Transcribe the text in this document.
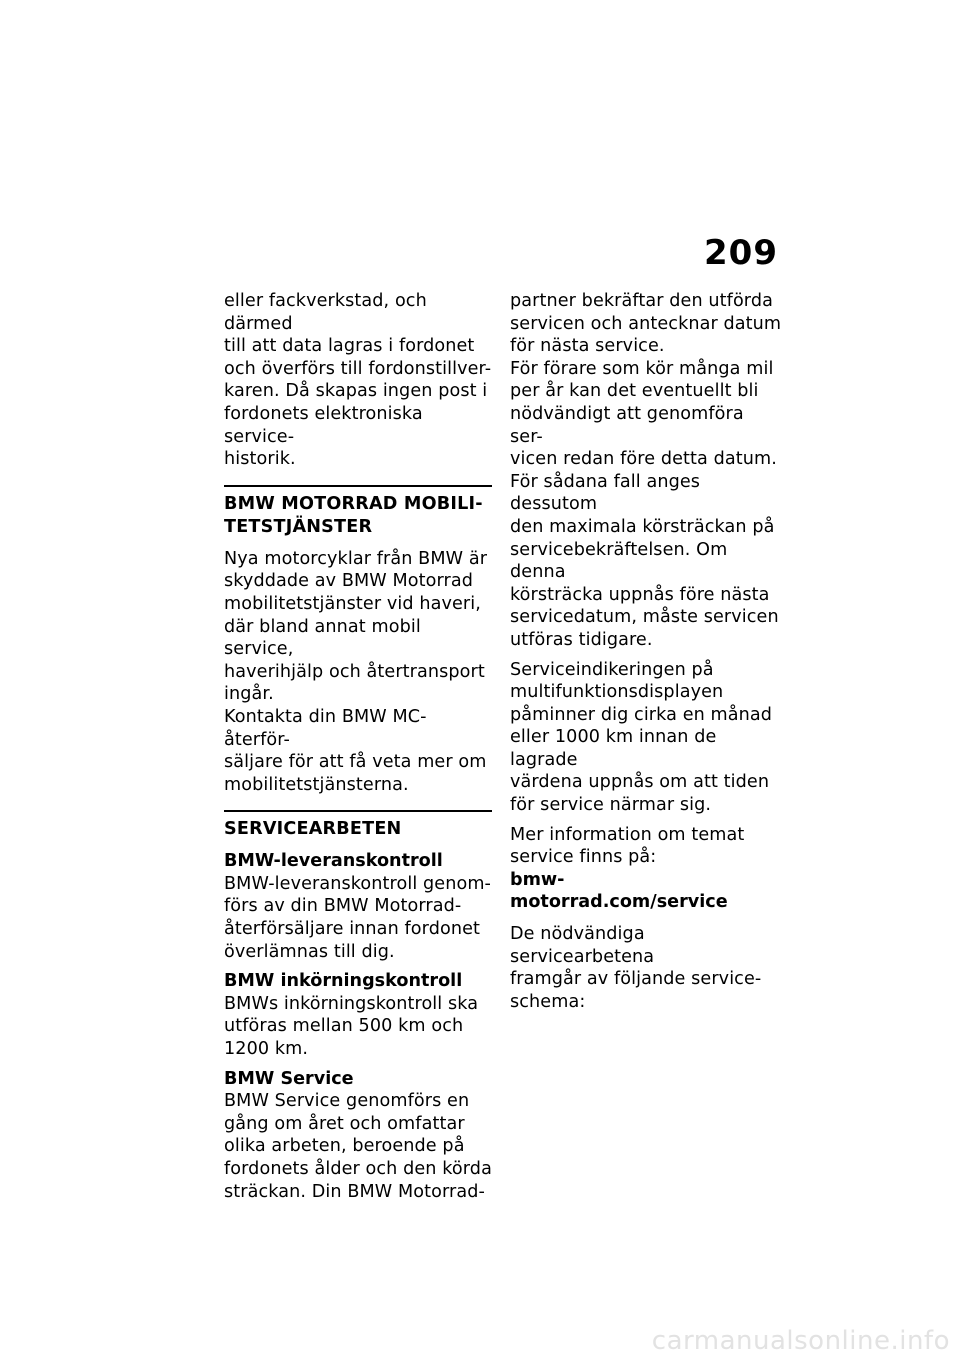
209

eller fackverkstad, och därmed
till att data lagras i fordonet
och överförs till fordonstillver-
karen. Då skapas ingen post i
fordonets elektroniska service-
historik.

BMW MOTORRAD MOBILI-
TETSTJÄNSTER

Nya motorcyklar från BMW är
skyddade av BMW Motorrad
mobilitetstjänster vid haveri,
där bland annat mobil service,
haverihjälp och återtransport
ingår.

Kontakta din BMW MC-återför-
säljare för att få veta mer om
mobilitetstjänsterna.

SERVICEARBETEN
BMW-leveranskontroll

BMW-leveranskontroll genom-
förs av din BMW Motorrad-
återförsäljare innan fordonet
överlämnas till dig.

BMW inkörningskontroll

BMWs inkörningskontroll ska
utföras mellan 500 km och
1200 km.

BMW Service

BMW Service genomförs en
gång om året och omfattar
olika arbeten, beroende på
fordonets ålder och den körda
sträckan. Din BMW Motorrad-

partner bekräftar den utförda
servicen och antecknar datum
för nästa service.

För förare som kör många mil
per år kan det eventuellt bli
nödvändigt att genomföra ser-
vicen redan före detta datum.
För sådana fall anges dessutom
den maximala körsträckan på
servicebekräftelsen. Om denna
körsträcka uppnås före nästa
servicedatum, måste servicen
utföras tidigare.

Serviceindikeringen på
multifunktionsdisplayen
påminner dig cirka en månad
eller 1000 km innan de lagrade
värdena uppnås om att tiden
för service närmar sig.

Mer information om temat
service finns på:

bmw-motorrad.com/service

De nödvändiga servicearbetena
framgår av följande service-
schema:

carmanualsonline.info
